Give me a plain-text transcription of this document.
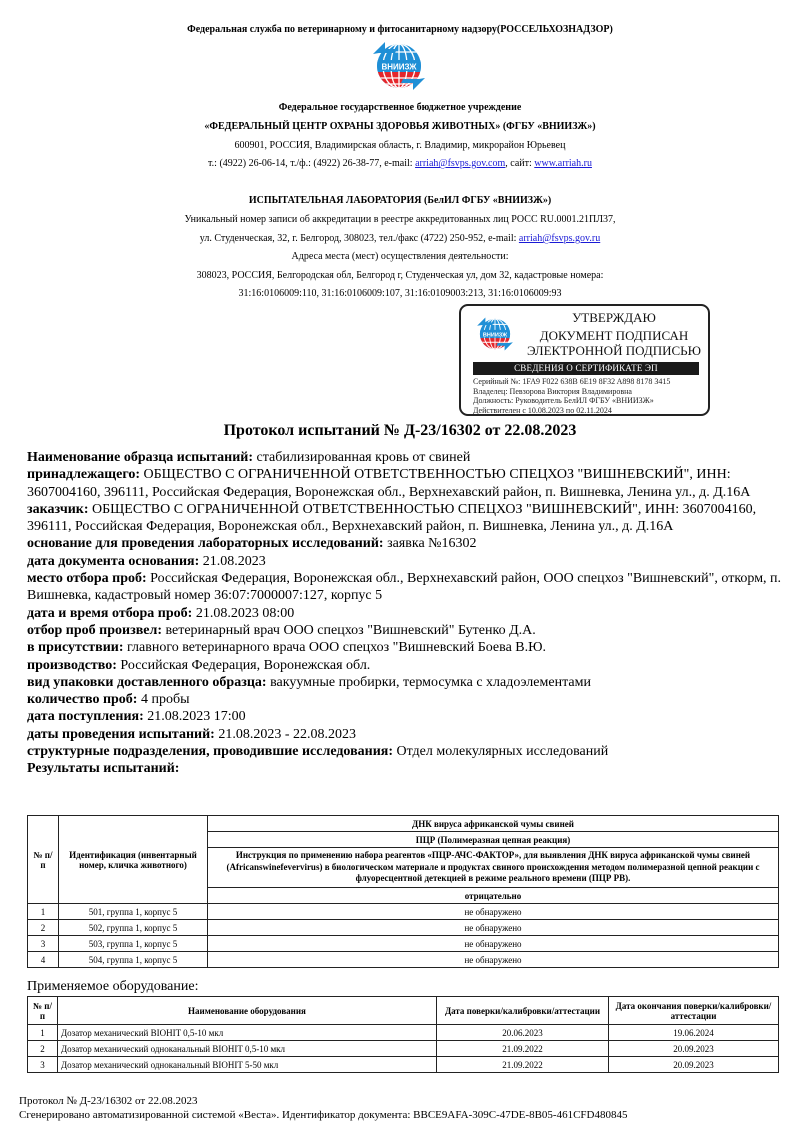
Федеральная служба по ветеринарному и фитосанитарному надзору(РОССЕЛЬХОЗНАДЗОР)
ВНИИЗЖ
Федеральное государственное бюджетное учреждение
«ФЕДЕРАЛЬНЫЙ ЦЕНТР ОХРАНЫ ЗДОРОВЬЯ ЖИВОТНЫХ» (ФГБУ «ВНИИЗЖ»)
600901, РОССИЯ, Владимирская область, г. Владимир, микрорайон Юрьевец
т.: (4922) 26-06-14, т./ф.: (4922) 26-38-77, e-mail: arriah@fsvps.gov.com, сайт: www.arriah.ru
ИСПЫТАТЕЛЬНАЯ ЛАБОРАТОРИЯ (БелИЛ ФГБУ «ВНИИЗЖ»)
Уникальный номер записи об аккредитации в реестре аккредитованных лиц РОСС RU.0001.21ПЛ37,
ул. Студенческая, 32, г. Белгород, 308023, тел./факс (4722) 250-952, e-mail: arriah@fsvps.gov.ru
Адреса места (мест) осуществления деятельности:
308023, РОССИЯ, Белгородская обл, Белгород г, Студенческая ул, дом 32, кадастровые номера:
31:16:0106009:110, 31:16:0106009:107, 31:16:0109003:213, 31:16:0106009:93
ВНИИЗЖ
УТВЕРЖДАЮ
ДОКУМЕНТ ПОДПИСАН
ЭЛЕКТРОННОЙ ПОДПИСЬЮ
СВЕДЕНИЯ О СЕРТИФИКАТЕ ЭП
Серийный №: 1FA9 F022 638B 6E19 8F32 A898 8178 3415
Владелец: Певзорова Виктория Владимировна
Должность: Руководитель БелИЛ ФГБУ «ВНИИЗЖ»
Действителен с 10.08.2023 по 02.11.2024
Протокол испытаний № Д-23/16302 от 22.08.2023

Наименование образца испытаний: стабилизированная кровь от свиней

принадлежащего: ОБЩЕСТВО С ОГРАНИЧЕННОЙ ОТВЕТСТВЕННОСТЬЮ СПЕЦХОЗ "ВИШНЕВСКИЙ", ИНН: 3607004160, 396111, Российская Федерация, Воронежская обл., Верхнехавский район, п. Вишневка, Ленина ул., д. Д.16А

заказчик: ОБЩЕСТВО С ОГРАНИЧЕННОЙ ОТВЕТСТВЕННОСТЬЮ СПЕЦХОЗ "ВИШНЕВСКИЙ", ИНН: 3607004160, 396111, Российская Федерация, Воронежская обл., Верхнехавский район, п. Вишневка, Ленина ул., д. Д.16А

основание для проведения лабораторных исследований: заявка №16302

дата документа основания: 21.08.2023

место отбора проб: Российская Федерация, Воронежская обл., Верхнехавский район, ООО спецхоз "Вишневский", откорм, п. Вишневка, кадастровый номер 36:07:7000007:127, корпус 5

дата и время отбора проб: 21.08.2023 08:00

отбор проб произвел: ветеринарный врач ООО спецхоз "Вишневский" Бутенко Д.А.

в присутствии: главного ветеринарного врача ООО спецхоз "Вишневский Боева В.Ю.

производство: Российская Федерация, Воронежская обл.

вид упаковки доставленного образца: вакуумные пробирки, термосумка с хладоэлементами

количество проб: 4 пробы

дата поступления: 21.08.2023 17:00

даты проведения испытаний: 21.08.2023 - 22.08.2023

структурные подразделения, проводившие исследования: Отдел молекулярных исследований

Результаты испытаний:

№ п/п	Идентификация (инвентарный номер, кличка животного)	ДНК вируса африканской чумы свиней
		ПЦР (Полимеразная цепная реакция)
		Инструкция по применению набора реагентов «ПЦР-АЧС-ФАКТОР», для выявления ДНК вируса африканской чумы свиней (Africanswinefevervirus) в биологическом материале и продуктах свиного происхождения методом полимеразной цепной реакции с флуоресцентной детекцией в режиме реального времени (ПЦР РВ).
		отрицательно
1	501, группа 1, корпус 5	не обнаружено
2	502, группа 1, корпус 5	не обнаружено
3	503, группа 1, корпус 5	не обнаружено
4	504, группа 1, корпус 5	не обнаружено
Применяемое оборудование:
№ п/п	Наименование оборудования	Дата поверки/калибровки/аттестации	Дата окончания поверки/калибровки/аттестации
1	Дозатор механический BIOHIT 0,5-10 мкл	20.06.2023	19.06.2024
2	Дозатор механический одноканальный BIOHIT 0,5-10 мкл	21.09.2022	20.09.2023
3	Дозатор механический одноканальный BIOHIT 5-50 мкл	21.09.2022	20.09.2023
Протокол № Д-23/16302 от 22.08.2023
Сгенерировано автоматизированной системой «Веста». Идентификатор документа: BBCE9AFA-309C-47DE-8B05-461CFD480845
